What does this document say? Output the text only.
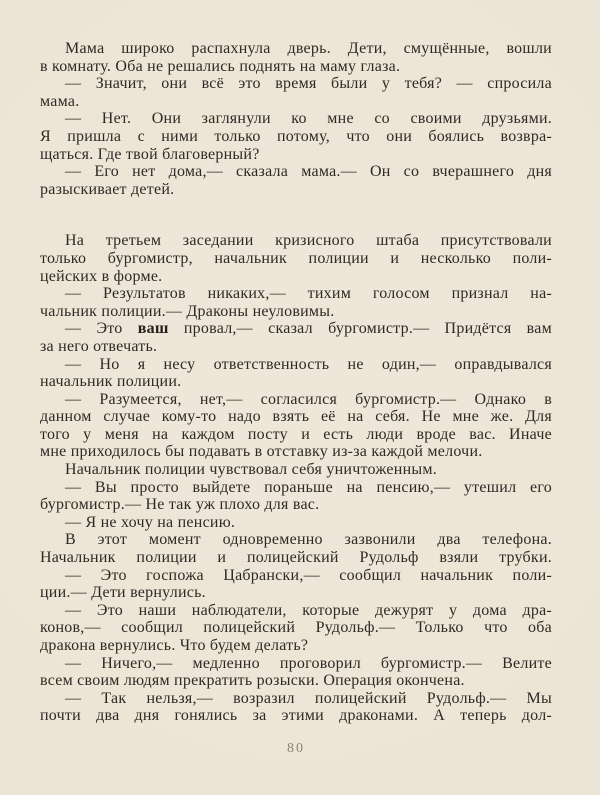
Мама широко распахнула дверь. Дети, смущённые, вошли
в комнату. Оба не решались поднять на маму глаза.
— Значит, они всё это время были у тебя? — спросила
мама.
— Нет. Они заглянули ко мне со своими друзьями.
Я пришла с ними только потому, что они боялись возвра-
щаться. Где твой благоверный?
— Его нет дома,— сказала мама.— Он со вчерашнего дня
разыскивает детей.
На третьем заседании кризисного штаба присутствовали
только бургомистр, начальник полиции и несколько поли-
цейских в форме.
— Результатов никаких,— тихим голосом признал на-
чальник полиции.— Драконы неуловимы.
— Это ваш провал,— сказал бургомистр.— Придётся вам
за него отвечать.
— Но я несу ответственность не один,— оправдывался
начальник полиции.
— Разумеется, нет,— согласился бургомистр.— Однако в
данном случае кому-то надо взять её на себя. Не мне же. Для
того у меня на каждом посту и есть люди вроде вас. Иначе
мне приходилось бы подавать в отставку из-за каждой мелочи.
Начальник полиции чувствовал себя уничтоженным.
— Вы просто выйдете пораньше на пенсию,— утешил его
бургомистр.— Не так уж плохо для вас.
— Я не хочу на пенсию.
В этот момент одновременно зазвонили два телефона.
Начальник полиции и полицейский Рудольф взяли трубки.
— Это госпожа Цабрански,— сообщил начальник поли-
ции.— Дети вернулись.
— Это наши наблюдатели, которые дежурят у дома дра-
конов,— сообщил полицейский Рудольф.— Только что оба
дракона вернулись. Что будем делать?
— Ничего,— медленно проговорил бургомистр.— Велите
всем своим людям прекратить розыски. Операция окончена.
— Так нельзя,— возразил полицейский Рудольф.— Мы
почти два дня гонялись за этими драконами. А теперь дол-
80
